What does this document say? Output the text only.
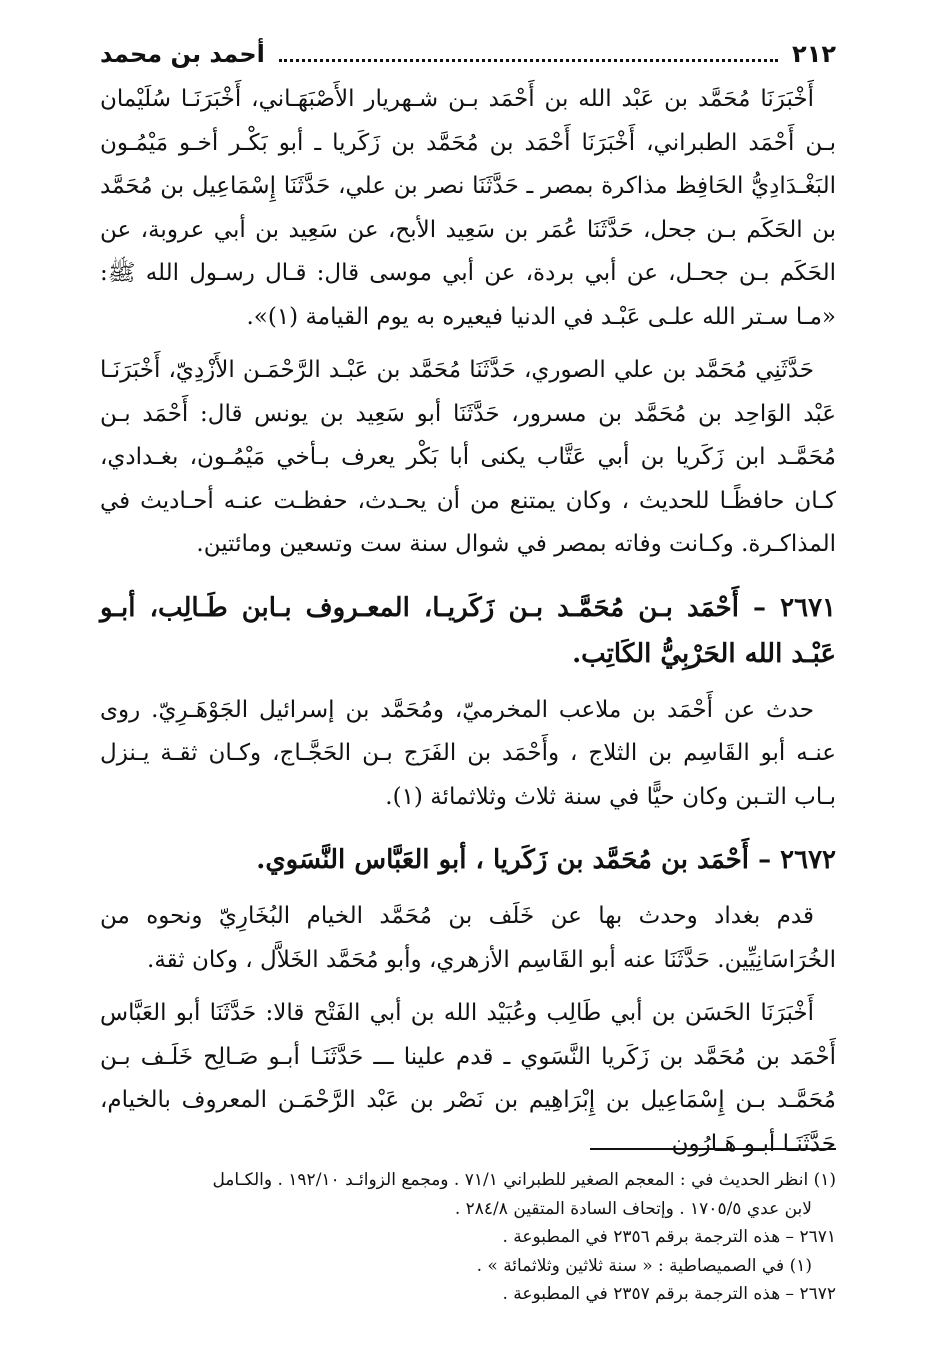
٢١٢
أحمد بن محمد

أَخْبَرَنَا مُحَمَّد بن عَبْد الله بن أَحْمَد بـن شـهريار الأَصْبَهَـاني، أَخْبَرَنَـا سُلَيْمان بـن أَحْمَد الطبراني، أَخْبَرَنَا أَحْمَد بن مُحَمَّد بن زَكَريا ـ أبو بَكْـر أخـو مَيْمُـون البَغْـدَادِيُّ الحَافِظ مذاكرة بمصر ـ حَدَّثَنَا نصر بن علي، حَدَّثَنَا إِسْمَاعِيل بن مُحَمَّد بن الحَكَم بـن جحل، حَدَّثَنَا عُمَر بن سَعِيد الأبح، عن سَعِيد بن أبي عروبة، عن الحَكَم بـن جحـل، عن أبي بردة، عن أبي موسى قال: قـال رسـول الله ﷺ: «مـا سـتر الله علـى عَبْـد في الدنيا فيعيره به يوم القيامة (١)».

حَدَّثَنِي مُحَمَّد بن علي الصوري، حَدَّثَنَا مُحَمَّد بن عَبْـد الرَّحْمَـن الأَزْدِيّ، أَخْبَرَنَـا عَبْد الوَاحِد بن مُحَمَّد بن مسرور، حَدَّثَنَا أبو سَعِيد بن يونس قال: أَحْمَد بـن مُحَمَّـد ابن زَكَريا بن أبي عَتَّاب يكنى أبا بَكْر يعرف بـأخي مَيْمُـون، بغـدادي، كـان حافظًـا للحديث ، وكان يمتنع من أن يحـدث، حفظـت عنـه أحـاديث في المذاكـرة. وكـانت وفاته بمصر في شوال سنة ست وتسعين ومائتين.

٢٦٧١ – أَحْمَد بـن مُحَمَّـد بـن زَكَريـا، المعـروف بـابن طَـالِب، أبـو عَبْـد الله الحَرْبِيُّ الكَاتِب.

حدث عن أَحْمَد بن ملاعب المخرميّ، ومُحَمَّد بن إسرائيل الجَوْهَـرِيّ. روى عنـه أبو القَاسِم بن الثلاج ، وأَحْمَد بن الفَرَج بـن الحَجَّـاج، وكـان ثقـة يـنزل بـاب التـبن وكان حيًّا في سنة ثلاث وثلاثمائة (١).

٢٦٧٢ – أَحْمَد بن مُحَمَّد بن زَكَريا ، أبو العَبَّاس النَّسَوي.

قدم بغداد وحدث بها عن خَلَف بن مُحَمَّد الخيام البُخَارِيّ ونحوه من الخُرَاسَانِيِّين. حَدَّثَنَا عنه أبو القَاسِم الأزهري، وأبو مُحَمَّد الخَلاَّل ، وكان ثقة.

أَخْبَرَنَا الحَسَن بن أبي طَالِب وعُبَيْد الله بن أبي الفَتْح قالا: حَدَّثَنَا أبو العَبَّاس أَحْمَد بن مُحَمَّد بن زَكَريا النَّسَوي ـ قدم علينا ـــ حَدَّثَنَـا أبـو صَـالِح خَلَـف بـن مُحَمَّـد بـن إِسْمَاعِيل بن إِبْرَاهِيم بن نَصْر بن عَبْد الرَّحْمَـن المعروف بالخيام، حَدَّثَنَـا أبـو هَـارُون

(١) انظر الحديث في : المعجم الصغير للطبراني ٧١/١ . ومجمع الزوائـد ١٩٢/١٠ . والكـامل

لابن عدي ١٧٠٥/٥ . وإتحاف السادة المتقين ٢٨٤/٨ .

٢٦٧١ – هذه الترجمة برقم ٢٣٥٦ في المطبوعة .

(١) في الصميصاطية : « سنة ثلاثين وثلاثمائة » .

٢٦٧٢ – هذه الترجمة برقم ٢٣٥٧ في المطبوعة .
